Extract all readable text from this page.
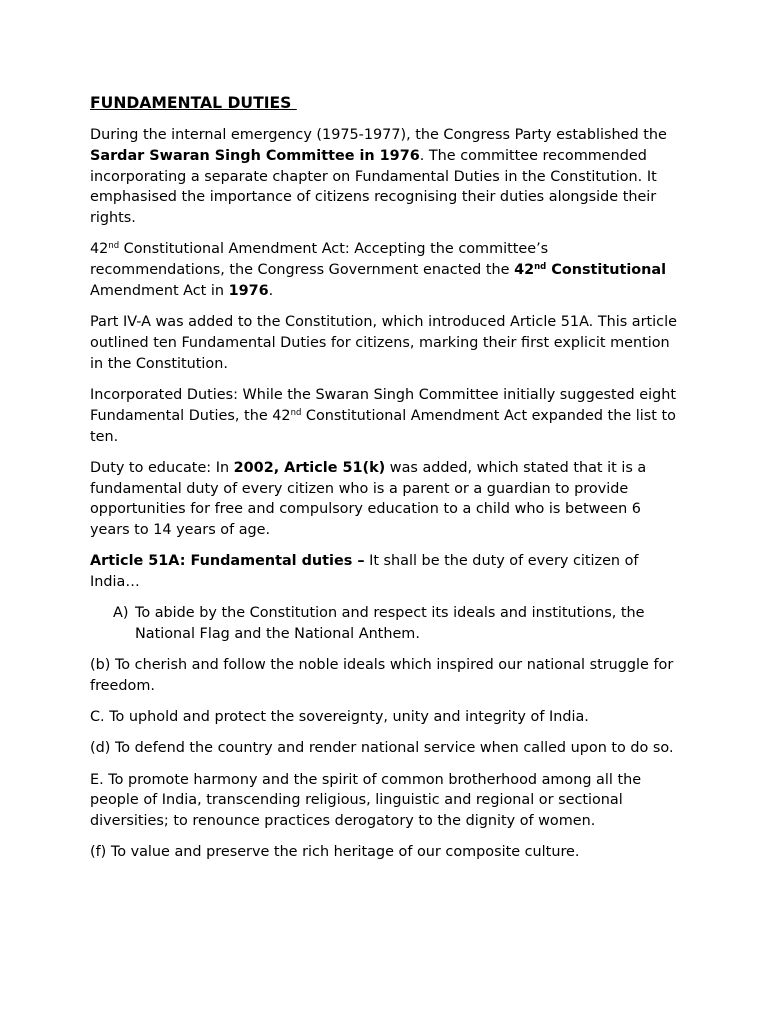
FUNDAMENTAL DUTIES

During the internal emergency (1975-1977), the Congress Party established the Sardar Swaran Singh Committee in 1976. The committee recommended incorporating a separate chapter on Fundamental Duties in the Constitution. It emphasised the importance of citizens recognising their duties alongside their rights.

42nd Constitutional Amendment Act: Accepting the committee’s recommendations, the Congress Government enacted the 42nd Constitutional Amendment Act in 1976.

Part IV-A was added to the Constitution, which introduced Article 51A. This article outlined ten Fundamental Duties for citizens, marking their first explicit mention in the Constitution.

Incorporated Duties: While the Swaran Singh Committee initially suggested eight Fundamental Duties, the 42nd Constitutional Amendment Act expanded the list to ten.

Duty to educate: In 2002, Article 51(k) was added, which stated that it is a fundamental duty of every citizen who is a parent or a guardian to provide opportunities for free and compulsory education to a child who is between 6 years to 14 years of age.

Article 51A: Fundamental duties – It shall be the duty of every citizen of India…

A) To abide by the Constitution and respect its ideals and institutions, the National Flag and the National Anthem.

(b) To cherish and follow the noble ideals which inspired our national struggle for freedom.

C. To uphold and protect the sovereignty, unity and integrity of India.

(d) To defend the country and render national service when called upon to do so.

E. To promote harmony and the spirit of common brotherhood among all the people of India, transcending religious, linguistic and regional or sectional diversities; to renounce practices derogatory to the dignity of women.

(f) To value and preserve the rich heritage of our composite culture.
